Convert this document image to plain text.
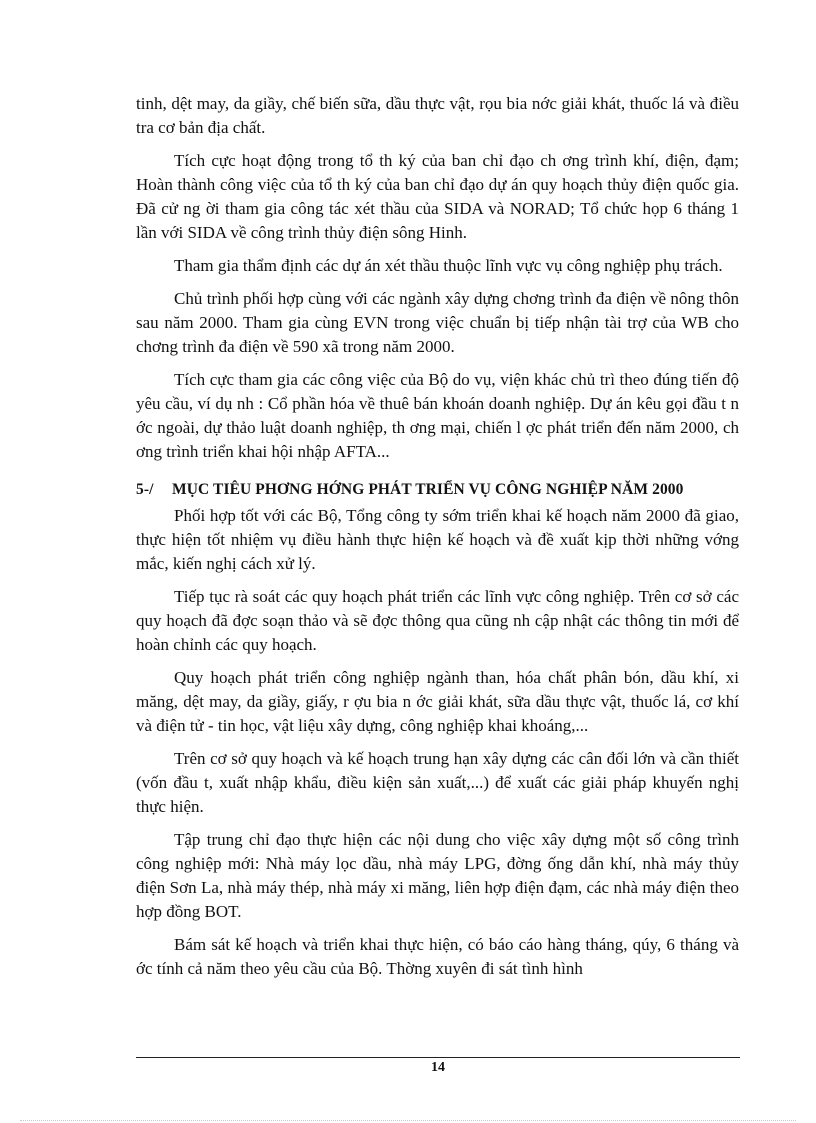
tinh, dệt may, da giầy, chế biến sữa, dầu thực vật, rọu bia nớc giải khát, thuốc lá và điều tra cơ bản địa chất.

Tích cực hoạt động trong tổ th ký của ban chỉ đạo ch ơng trình khí, điện, đạm; Hoàn thành công việc của tổ th ký của ban chỉ đạo dự án quy hoạch thủy điện quốc gia. Đã cử ng ời tham gia công tác xét thầu của SIDA và NORAD; Tổ chức họp 6 tháng 1 lần với SIDA về công trình thủy điện sông Hinh.

Tham gia thẩm định các dự án xét thầu thuộc lĩnh vực vụ công nghiệp phụ trách.

Chủ trình phối hợp cùng với các ngành xây dựng chơng trình đa điện về nông thôn sau năm 2000. Tham gia cùng EVN trong việc chuẩn bị tiếp nhận tài trợ của WB cho chơng trình đa điện về 590 xã trong năm 2000.

Tích cực tham gia các công việc của Bộ do vụ, viện khác chủ trì theo đúng tiến độ yêu cầu, ví dụ nh : Cổ phần hóa về thuê bán khoán doanh nghiệp. Dự án kêu gọi đầu t n ớc ngoài, dự thảo luật doanh nghiệp, th ơng mại, chiến l ợc phát triển đến năm 2000, ch ơng trình triển khai hội nhập AFTA...

5-/ MỤC TIÊU PHƠNG HỚNG PHÁT TRIỂN VỤ CÔNG NGHIỆP NĂM 2000

Phối hợp tốt với các Bộ, Tổng công ty sớm triển khai kế hoạch năm 2000 đã giao, thực hiện tốt nhiệm vụ điều hành thực hiện kế hoạch và đề xuất kịp thời những vớng mắc, kiến nghị cách xử lý.

Tiếp tục rà soát các quy hoạch phát triển các lĩnh vực công nghiệp. Trên cơ sở các quy hoạch đã đợc soạn thảo và sẽ đợc thông qua cũng nh cập nhật các thông tin mới để hoàn chỉnh các quy hoạch.

Quy hoạch phát triển công nghiệp ngành than, hóa chất phân bón, dầu khí, xi măng, dệt may, da giầy, giấy, r ợu bia n ớc giải khát, sữa dầu thực vật, thuốc lá, cơ khí và điện tử - tin học, vật liệu xây dựng, công nghiệp khai khoáng,...

Trên cơ sở quy hoạch và kế hoạch trung hạn xây dựng các cân đối lớn và cần thiết (vốn đầu t, xuất nhập khẩu, điều kiện sản xuất,...) để xuất các giải pháp khuyến nghị thực hiện.

Tập trung chỉ đạo thực hiện các nội dung cho việc xây dựng một số công trình công nghiệp mới: Nhà máy lọc dầu, nhà máy LPG, đờng ống dẫn khí, nhà máy thủy điện Sơn La, nhà máy thép, nhà máy xi măng, liên hợp điện đạm, các nhà máy điện theo hợp đồng BOT.

Bám sát kế hoạch và triển khai thực hiện, có báo cáo hàng tháng, qúy, 6 tháng và ớc tính cả năm theo yêu cầu của Bộ. Thờng xuyên đi sát tình hình

14
